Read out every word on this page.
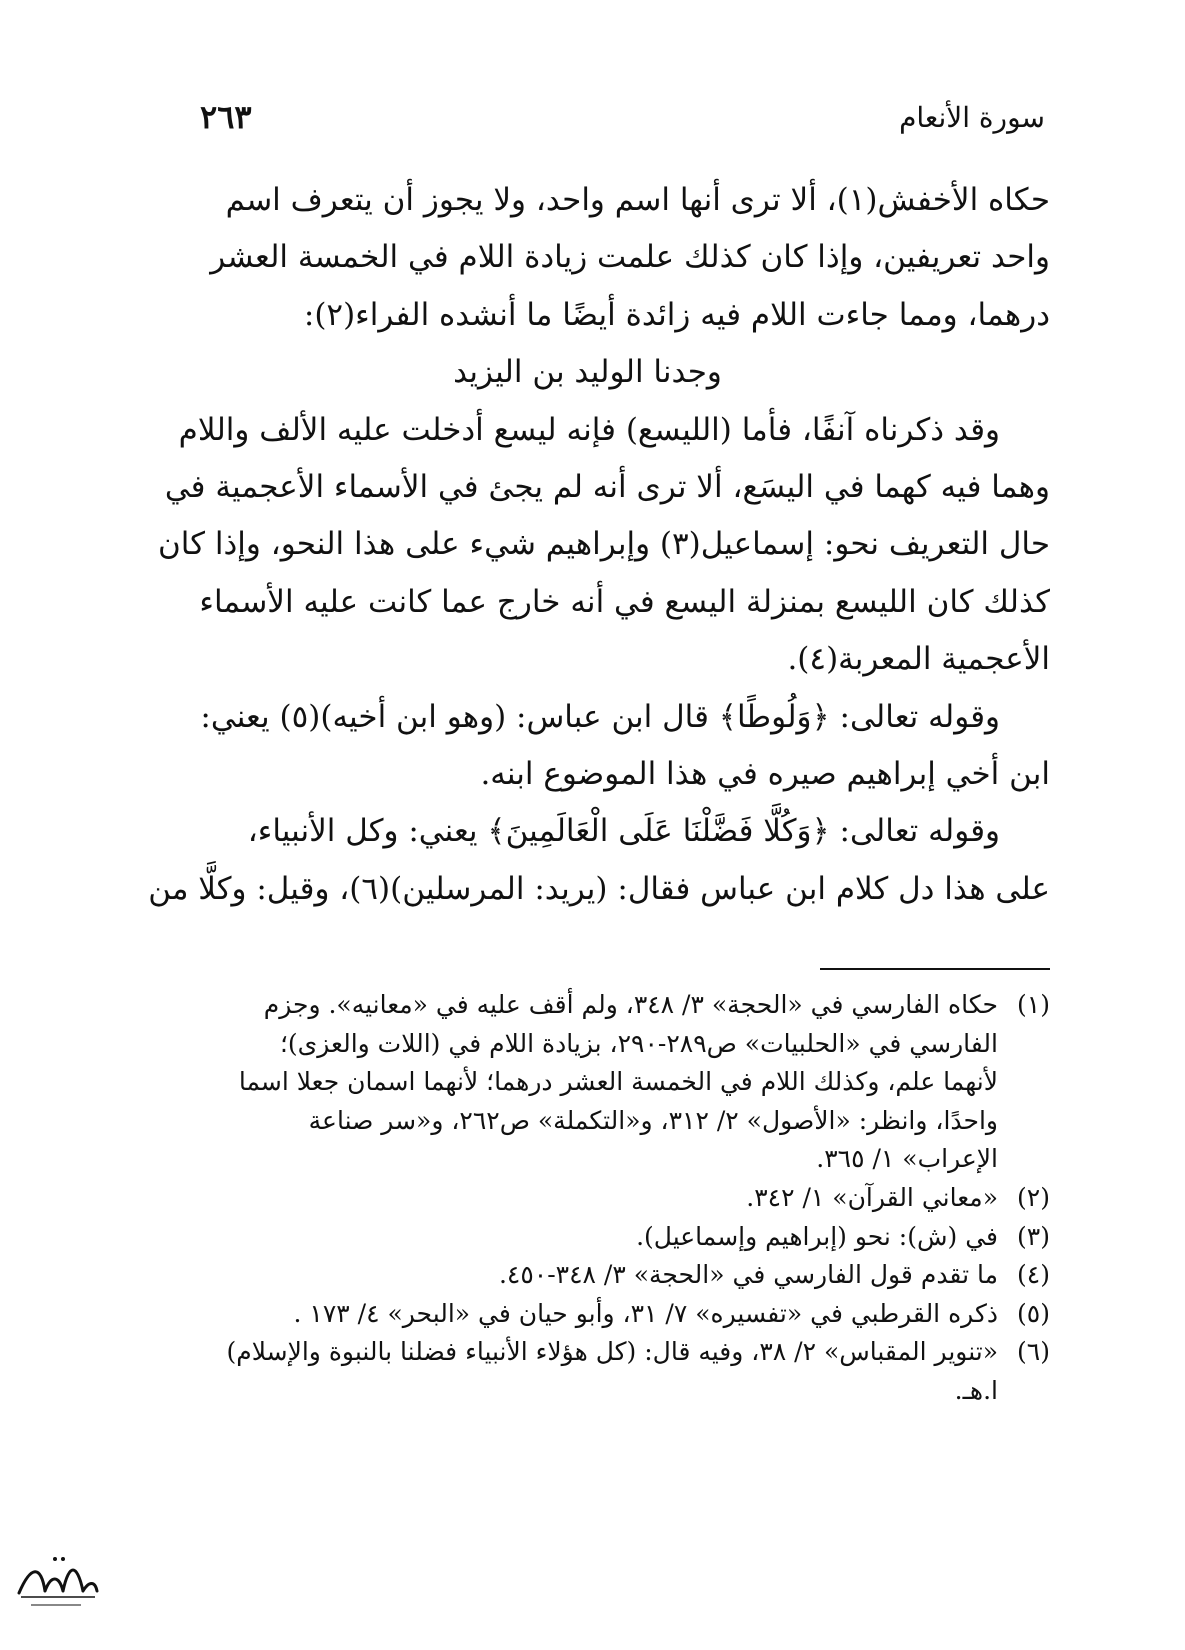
سورة الأنعام
٢٦٣
حكاه الأخفش(١)، ألا ترى أنها اسم واحد، ولا يجوز أن يتعرف اسم
واحد تعريفين، وإذا كان كذلك علمت زيادة اللام في الخمسة العشر
درهما، ومما جاءت اللام فيه زائدة أيضًا ما أنشده الفراء(٢):
وجدنا الوليد بن اليزيد
وقد ذكرناه آنفًا، فأما (الليسع) فإنه ليسع أدخلت عليه الألف واللام
وهما فيه كهما في اليسَع، ألا ترى أنه لم يجئ في الأسماء الأعجمية في
حال التعريف نحو: إسماعيل(٣) وإبراهيم شيء على هذا النحو، وإذا كان
كذلك كان الليسع بمنزلة اليسع في أنه خارج عما كانت عليه الأسماء
الأعجمية المعربة(٤).
وقوله تعالى: ﴿وَلُوطًا﴾ قال ابن عباس: (وهو ابن أخيه)(٥) يعني:
ابن أخي إبراهيم صيره في هذا الموضوع ابنه.
وقوله تعالى: ﴿وَكُلًّا فَضَّلْنَا عَلَى الْعَالَمِينَ﴾ يعني: وكل الأنبياء،
على هذا دل كلام ابن عباس فقال: (يريد: المرسلين)(٦)، وقيل: وكلًّا من
(١)
حكاه الفارسي في «الحجة» ٣/ ٣٤٨، ولم أقف عليه في «معانيه». وجزم
الفارسي في «الحلبيات» ص٢٨٩-٢٩٠، بزيادة اللام في (اللات والعزى)؛
لأنهما علم، وكذلك اللام في الخمسة العشر درهما؛ لأنهما اسمان جعلا اسما
واحدًا، وانظر: «الأصول» ٢/ ٣١٢، و«التكملة» ص٢٦٢، و«سر صناعة
الإعراب» ١/ ٣٦٥.
(٢)
«معاني القرآن» ١/ ٣٤٢.
(٣)
في (ش): نحو (إبراهيم وإسماعيل).
(٤)
ما تقدم قول الفارسي في «الحجة» ٣/ ٣٤٨-٤٥٠.
(٥)
ذكره القرطبي في «تفسيره» ٧/ ٣١، وأبو حيان في «البحر» ٤/ ١٧٣ .
(٦)
«تنوير المقباس» ٢/ ٣٨، وفيه قال: (كل هؤلاء الأنبياء فضلنا بالنبوة والإسلام)
ا.هـ.
